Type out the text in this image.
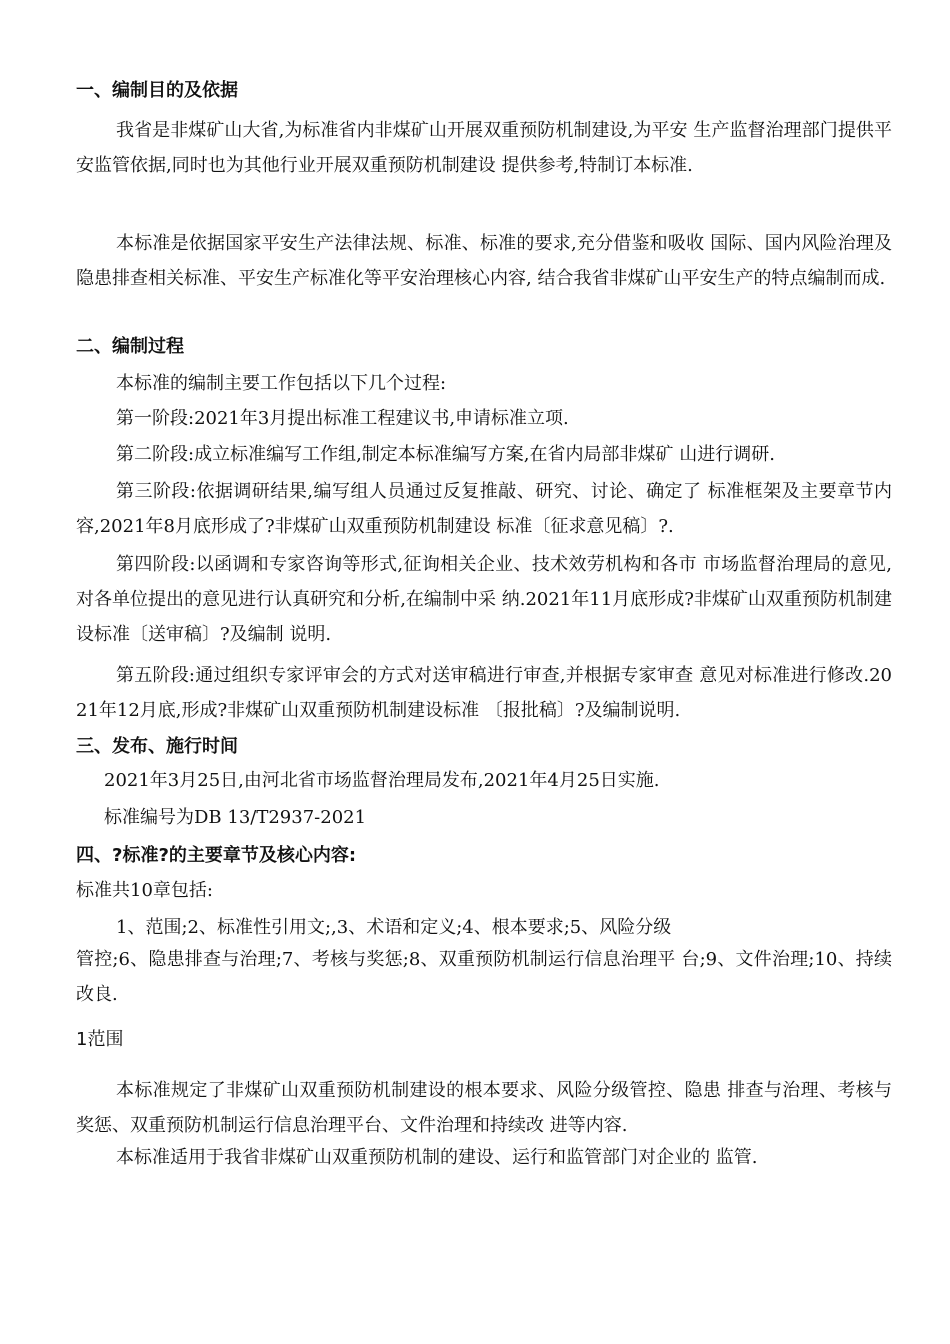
一、编制目的及依据
我省是非煤矿山大省,为标准省内非煤矿山开展双重预防机制建设,为平安 生产监督治理部门提供平安监管依据,同时也为其他行业开展双重预防机制建设 提供参考,特制订本标准.
本标准是依据国家平安生产法律法规、标准、标准的要求,充分借鉴和吸收 国际、国内风险治理及隐患排查相关标准、平安生产标准化等平安治理核心内容, 结合我省非煤矿山平安生产的特点编制而成.
二、编制过程
本标准的编制主要工作包括以下几个过程:
第一阶段:2021年3月提出标准工程建议书,申请标准立项.
第二阶段:成立标准编写工作组,制定本标准编写方案,在省内局部非煤矿 山进行调研.
第三阶段:依据调研结果,编写组人员通过反复推敲、研究、讨论、确定了 标准框架及主要章节内容,2021年8月底形成了?非煤矿山双重预防机制建设 标准〔征求意见稿〕?.
第四阶段:以函调和专家咨询等形式,征询相关企业、技术效劳机构和各市 市场监督治理局的意见,对各单位提出的意见进行认真研究和分析,在编制中采 纳.2021年11月底形成?非煤矿山双重预防机制建设标准〔送审稿〕?及编制 说明.
第五阶段:通过组织专家评审会的方式对送审稿进行审查,并根据专家审查 意见对标准进行修改.2021年12月底,形成?非煤矿山双重预防机制建设标准 〔报批稿〕?及编制说明.
三、发布、施行时间
2021年3月25日,由河北省市场监督治理局发布,2021年4月25日实施.
标准编号为DB 13/T2937-2021
四、?标准?的主要章节及核心内容:
标准共10章包括:
1、范围;2、标准性引用文;,3、术语和定义;4、根本要求;5、风险分级
管控;6、隐患排查与治理;7、考核与奖惩;8、双重预防机制运行信息治理平 台;9、文件治理;10、持续改良.
1范围
本标准规定了非煤矿山双重预防机制建设的根本要求、风险分级管控、隐患 排查与治理、考核与奖惩、双重预防机制运行信息治理平台、文件治理和持续改 进等内容.
本标准适用于我省非煤矿山双重预防机制的建设、运行和监管部门对企业的 监管.
